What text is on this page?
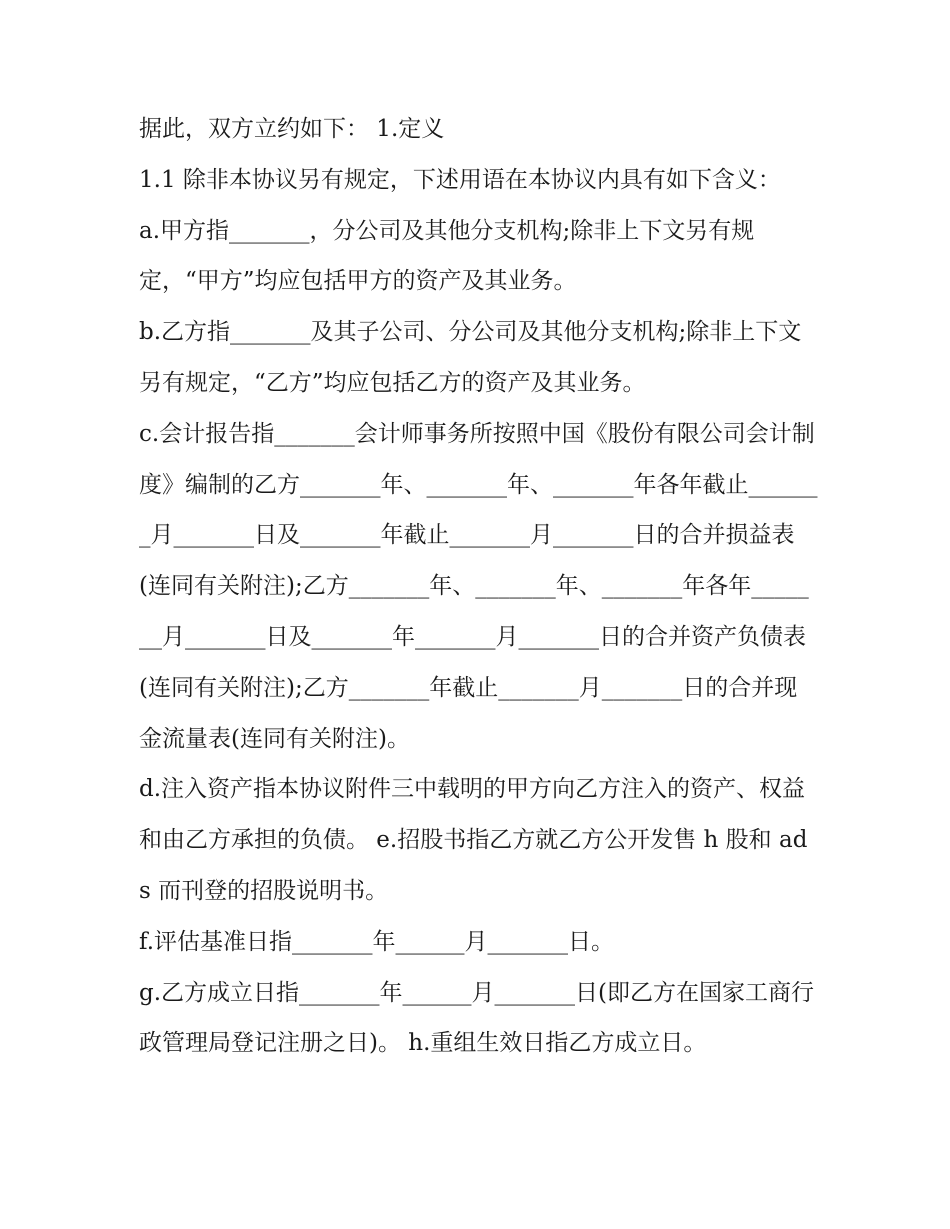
据此，双方立约如下： 1.定义

1.1 除非本协议另有规定，下述用语在本协议内具有如下含义：

a.甲方指_______，分公司及其他分支机构;除非上下文另有规定，“甲方”均应包括甲方的资产及其业务。

b.乙方指_______及其子公司、分公司及其他分支机构;除非上下文另有规定，“乙方”均应包括乙方的资产及其业务。

c.会计报告指_______会计师事务所按照中国《股份有限公司会计制度》编制的乙方_______年、_______年、_______年各年截止_______月_______日及_______年截止_______月_______日的合并损益表(连同有关附注);乙方_______年、_______年、_______年各年_______月_______日及_______年_______月_______日的合并资产负债表(连同有关附注);乙方_______年截止_______月_______日的合并现金流量表(连同有关附注)。

d.注入资产指本协议附件三中载明的甲方向乙方注入的资产、权益和由乙方承担的负债。 e.招股书指乙方就乙方公开发售 h 股和 ads 而刊登的招股说明书。

f.评估基准日指_______年______月_______日。

g.乙方成立日指_______年______月_______日(即乙方在国家工商行政管理局登记注册之日)。 h.重组生效日指乙方成立日。
